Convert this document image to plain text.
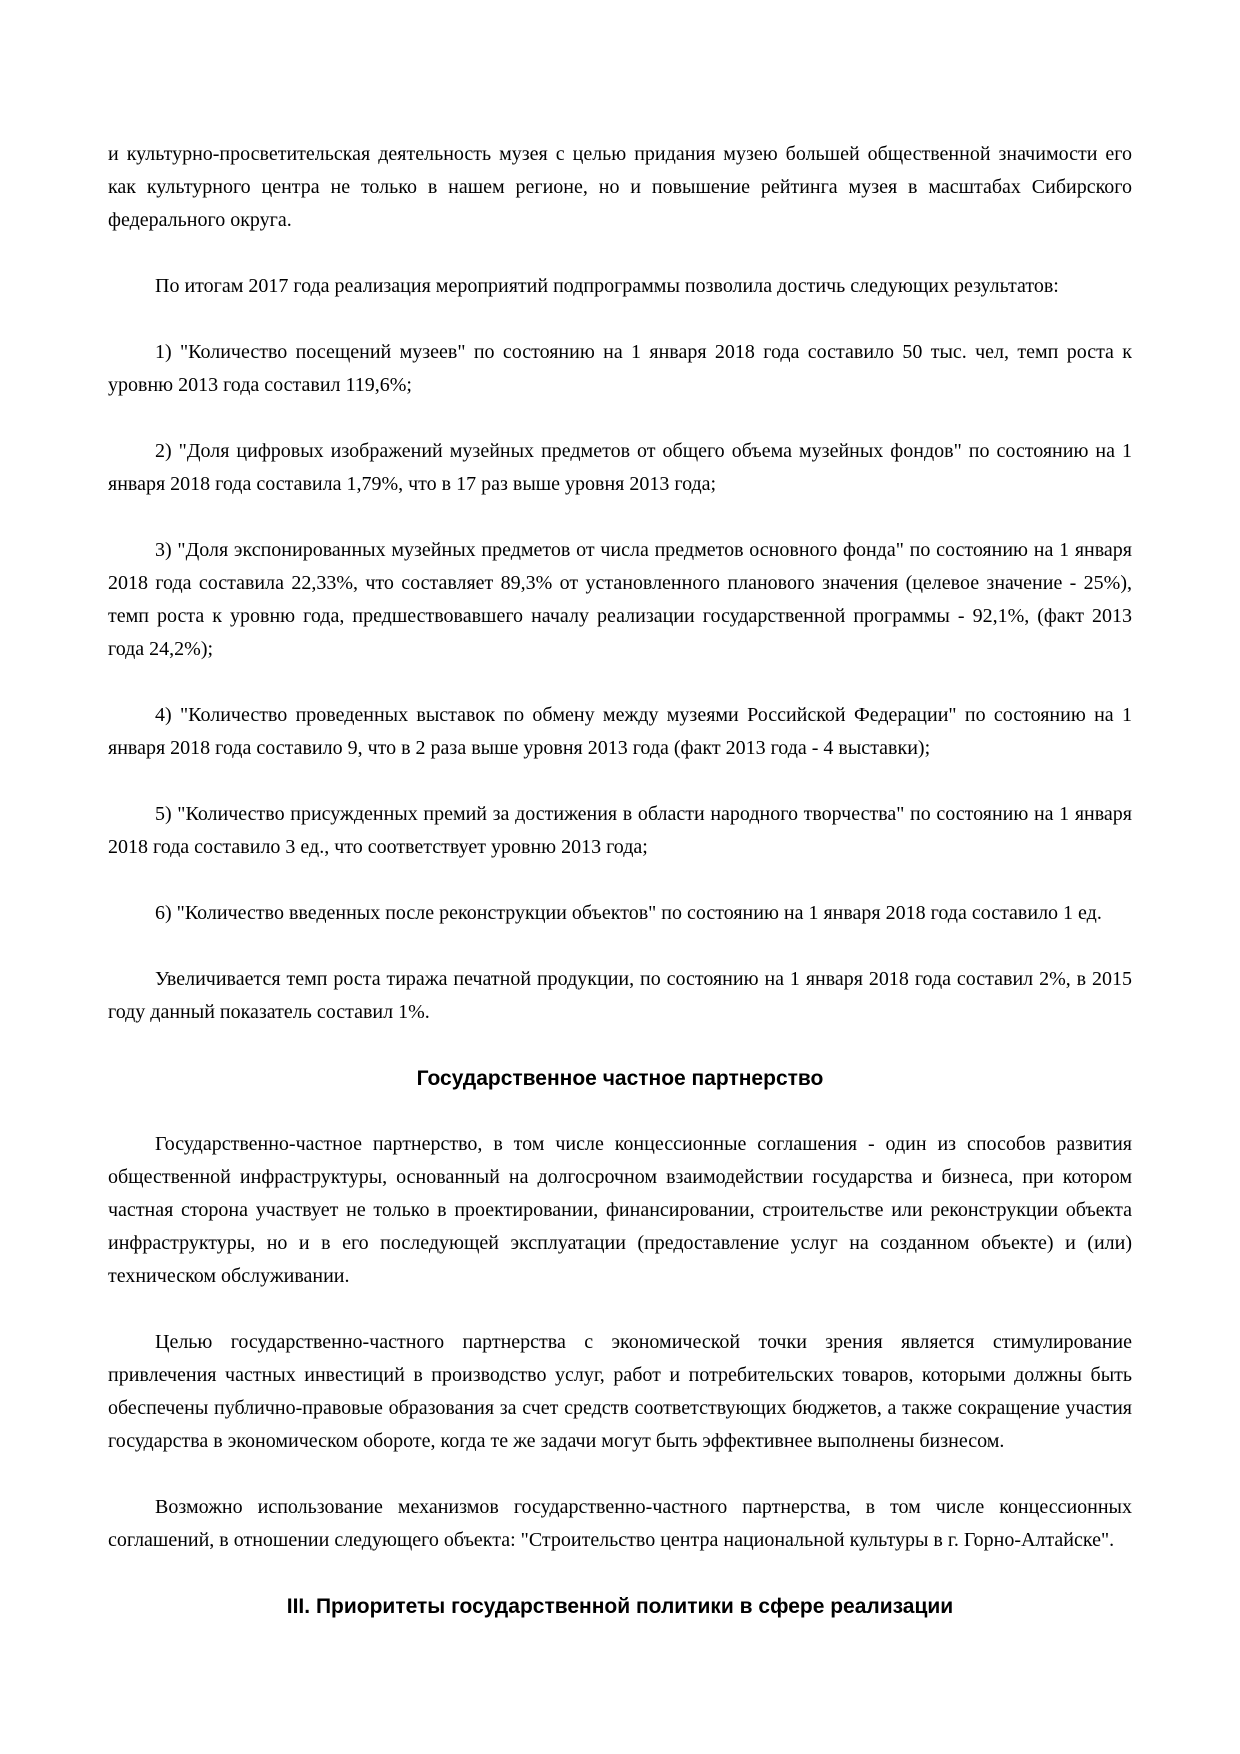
и культурно-просветительская деятельность музея с целью придания музею большей общественной значимости его как культурного центра не только в нашем регионе, но и повышение рейтинга музея в масштабах Сибирского федерального округа.

По итогам 2017 года реализация мероприятий подпрограммы позволила достичь следующих результатов:

1) "Количество посещений музеев" по состоянию на 1 января 2018 года составило 50 тыс. чел, темп роста к уровню 2013 года составил 119,6%;

2) "Доля цифровых изображений музейных предметов от общего объема музейных фондов" по состоянию на 1 января 2018 года составила 1,79%, что в 17 раз выше уровня 2013 года;

3) "Доля экспонированных музейных предметов от числа предметов основного фонда" по состоянию на 1 января 2018 года составила 22,33%, что составляет 89,3% от установленного планового значения (целевое значение - 25%), темп роста к уровню года, предшествовавшего началу реализации государственной программы - 92,1%, (факт 2013 года 24,2%);

4) "Количество проведенных выставок по обмену между музеями Российской Федерации" по состоянию на 1 января 2018 года составило 9, что в 2 раза выше уровня 2013 года (факт 2013 года - 4 выставки);

5) "Количество присужденных премий за достижения в области народного творчества" по состоянию на 1 января 2018 года составило 3 ед., что соответствует уровню 2013 года;

6) "Количество введенных после реконструкции объектов" по состоянию на 1 января 2018 года составило 1 ед.

Увеличивается темп роста тиража печатной продукции, по состоянию на 1 января 2018 года составил 2%, в 2015 году данный показатель составил 1%.

Государственное частное партнерство

Государственно-частное партнерство, в том числе концессионные соглашения - один из способов развития общественной инфраструктуры, основанный на долгосрочном взаимодействии государства и бизнеса, при котором частная сторона участвует не только в проектировании, финансировании, строительстве или реконструкции объекта инфраструктуры, но и в его последующей эксплуатации (предоставление услуг на созданном объекте) и (или) техническом обслуживании.

Целью государственно-частного партнерства с экономической точки зрения является стимулирование привлечения частных инвестиций в производство услуг, работ и потребительских товаров, которыми должны быть обеспечены публично-правовые образования за счет средств соответствующих бюджетов, а также сокращение участия государства в экономическом обороте, когда те же задачи могут быть эффективнее выполнены бизнесом.

Возможно использование механизмов государственно-частного партнерства, в том числе концессионных соглашений, в отношении следующего объекта: "Строительство центра национальной культуры в г. Горно-Алтайске".

III. Приоритеты государственной политики в сфере реализации
